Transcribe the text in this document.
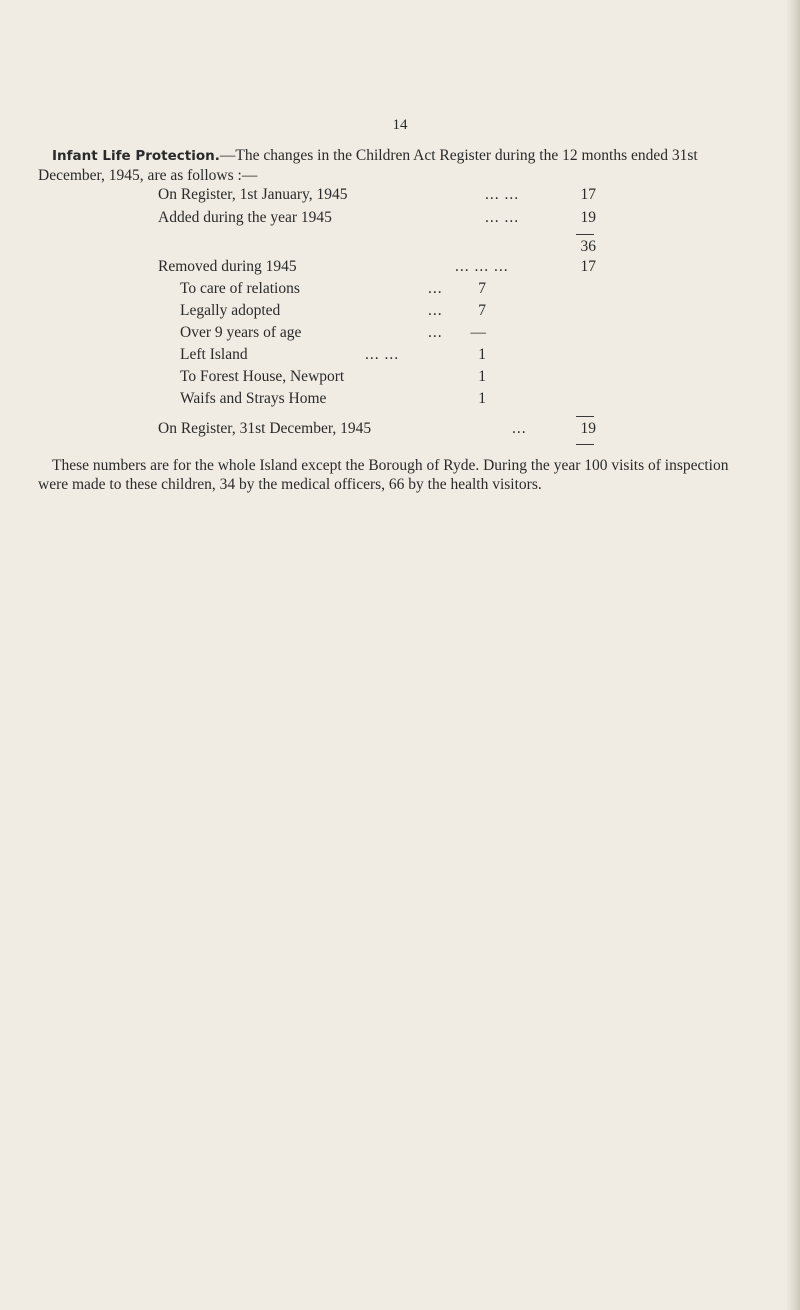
14
Infant Life Protection.—The changes in the Children Act Register during the 12 months ended 31st
December, 1945, are as follows :—
On Register, 1st January, 1945	... ...	17
Added during the year 1945	... ...	19
36
Removed during 1945	... ... ...	17
To care of relations	...	7
Legally adopted	...	7
Over 9 years of age	...	—
Left Island	... ...	1
To Forest House, Newport	1
Waifs and Strays Home	1
On Register, 31st December, 1945	...	19
These numbers are for the whole Island except the Borough of Ryde. During the year 100 visits of inspection
were made to these children, 34 by the medical officers, 66 by the health visitors.
